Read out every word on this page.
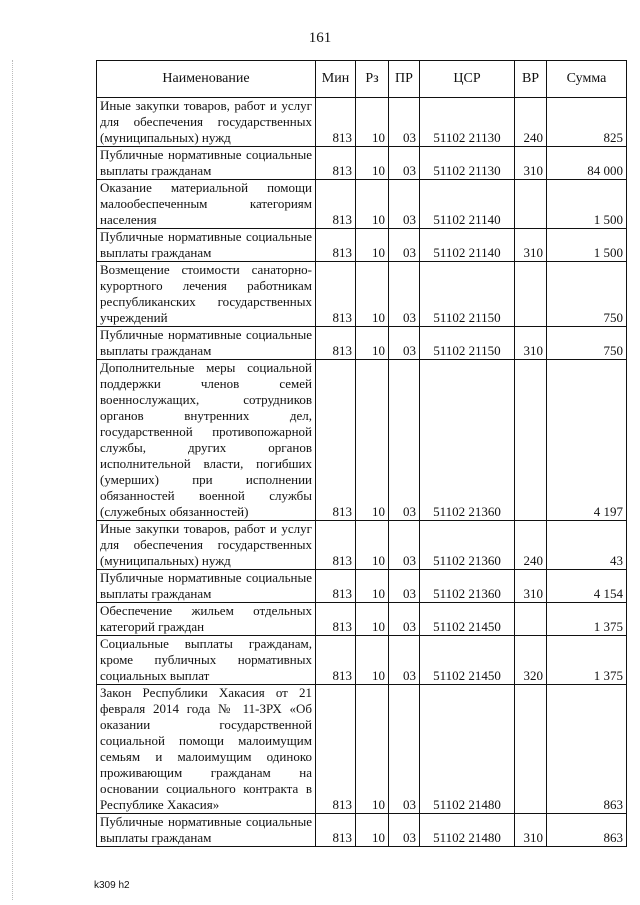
161
Наименование	Мин	Рз	ПР	ЦСР	ВР	Сумма
Иные закупки товаров, работ и услуг для обеспечения государственных (муниципальных) нужд	813	10	03	51102 21130	240	825
Публичные нормативные социальные выплаты гражданам	813	10	03	51102 21130	310	84 000
Оказание материальной помощи малообеспеченным категориям населения	813	10	03	51102 21140		1 500
Публичные нормативные социальные выплаты гражданам	813	10	03	51102 21140	310	1 500
Возмещение стоимости санаторно-курортного лечения работникам республиканских государственных учреждений	813	10	03	51102 21150		750
Публичные нормативные социальные выплаты гражданам	813	10	03	51102 21150	310	750
Дополнительные меры социальной поддержки членов семей военнослужащих, сотрудников органов внутренних дел, государственной противопожарной службы, других органов исполнительной власти, погибших (умерших) при исполнении обязанностей военной службы (служебных обязанностей)	813	10	03	51102 21360		4 197
Иные закупки товаров, работ и услуг для обеспечения государственных (муниципальных) нужд	813	10	03	51102 21360	240	43
Публичные нормативные социальные выплаты гражданам	813	10	03	51102 21360	310	4 154
Обеспечение жильем отдельных категорий граждан	813	10	03	51102 21450		1 375
Социальные выплаты гражданам, кроме публичных нормативных социальных выплат	813	10	03	51102 21450	320	1 375
Закон Республики Хакасия от 21 февраля 2014 года № 11-ЗРХ «Об оказании государственной социальной помощи малоимущим семьям и малоимущим одиноко проживающим гражданам на основании социального контракта в Республике Хакасия»	813	10	03	51102 21480		863
Публичные нормативные социальные выплаты гражданам	813	10	03	51102 21480	310	863
k309 h2
